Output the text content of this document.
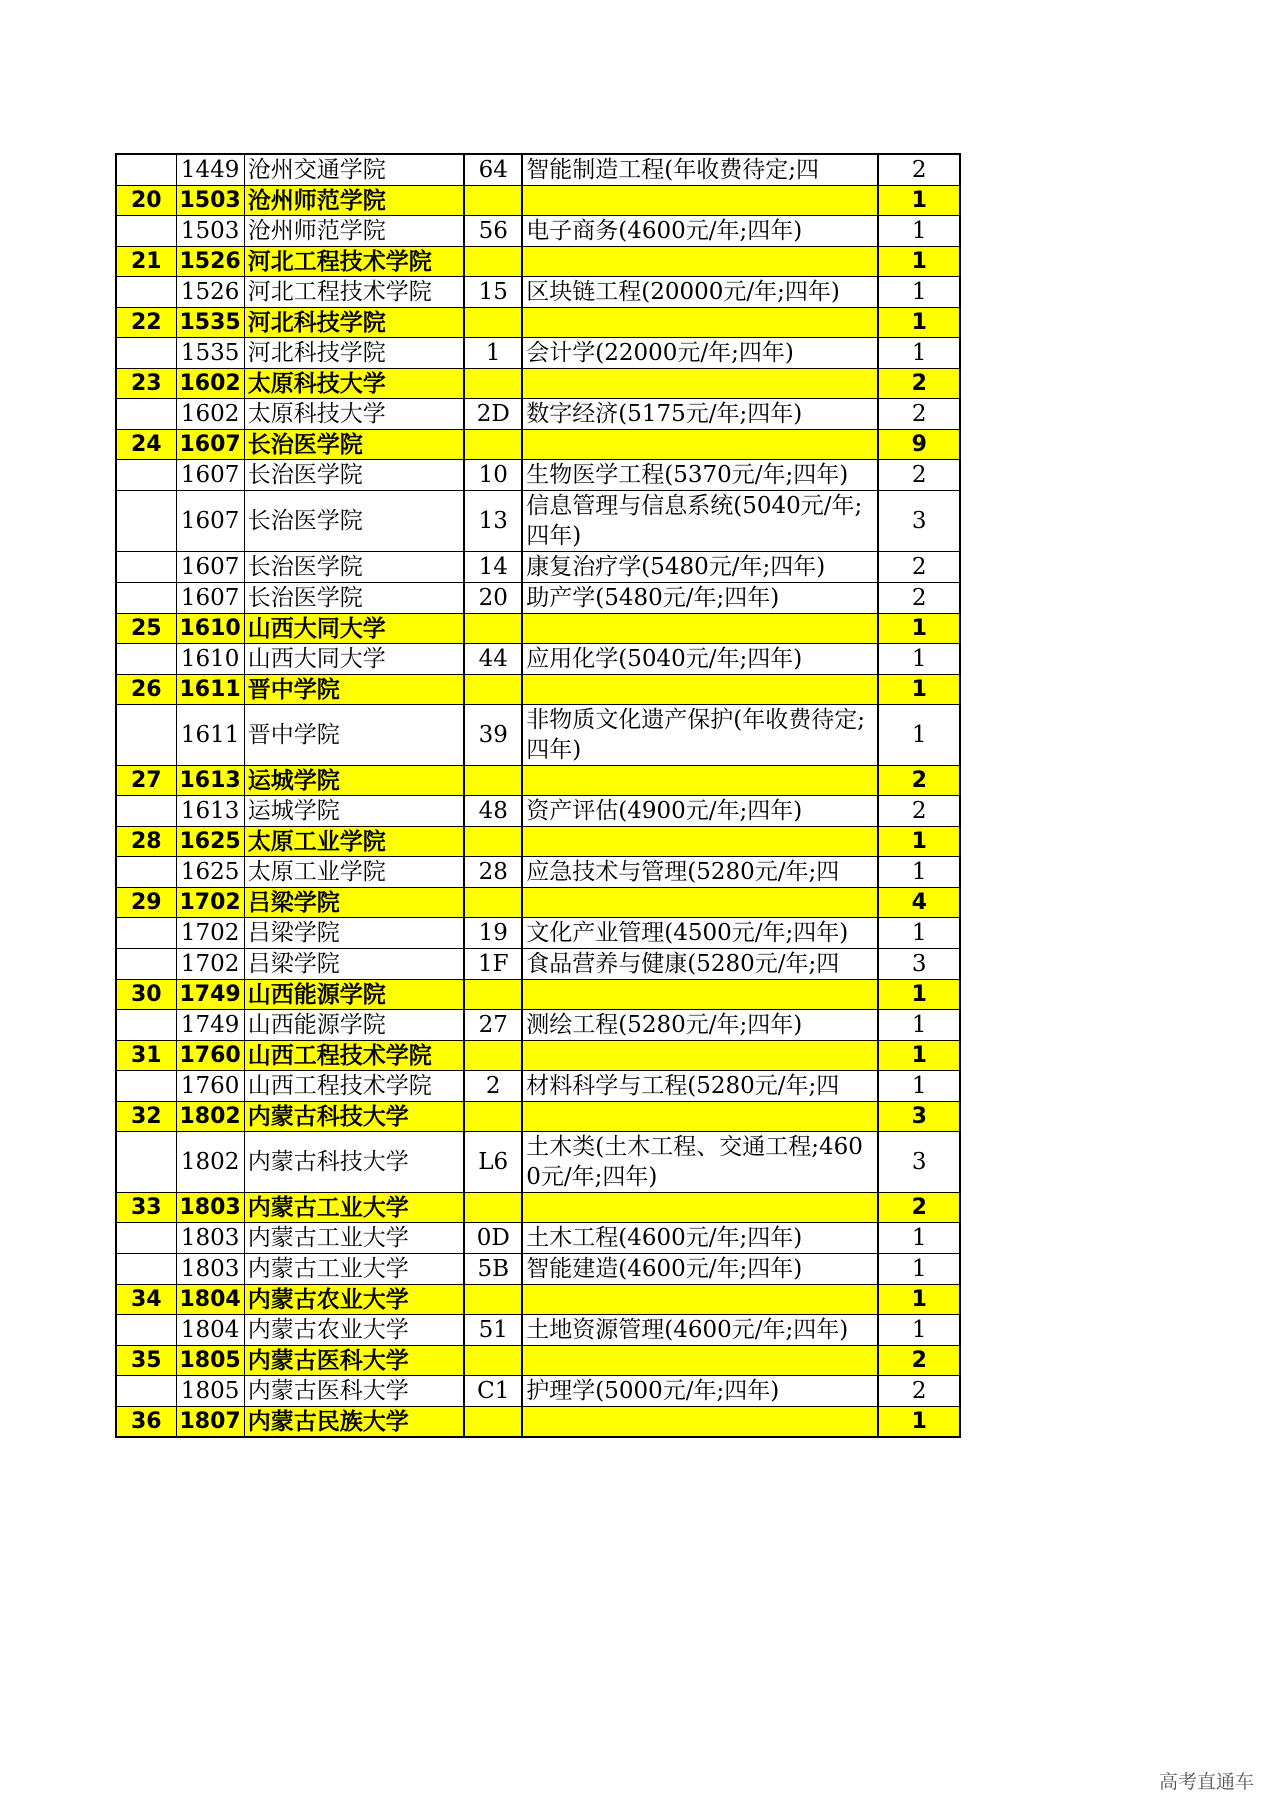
	1449	沧州交通学院	64	智能制造工程(年收费待定;四	2
20	1503	沧州师范学院			1
	1503	沧州师范学院	56	电子商务(4600元/年;四年)	1
21	1526	河北工程技术学院			1
	1526	河北工程技术学院	15	区块链工程(20000元/年;四年)	1
22	1535	河北科技学院			1
	1535	河北科技学院	1	会计学(22000元/年;四年)	1
23	1602	太原科技大学			2
	1602	太原科技大学	2D	数字经济(5175元/年;四年)	2
24	1607	长治医学院			9
	1607	长治医学院	10	生物医学工程(5370元/年;四年)	2
	1607	长治医学院	13	信息管理与信息系统(5040元/年;四年)	3
	1607	长治医学院	14	康复治疗学(5480元/年;四年)	2
	1607	长治医学院	20	助产学(5480元/年;四年)	2
25	1610	山西大同大学			1
	1610	山西大同大学	44	应用化学(5040元/年;四年)	1
26	1611	晋中学院			1
	1611	晋中学院	39	非物质文化遗产保护(年收费待定;四年)	1
27	1613	运城学院			2
	1613	运城学院	48	资产评估(4900元/年;四年)	2
28	1625	太原工业学院			1
	1625	太原工业学院	28	应急技术与管理(5280元/年;四	1
29	1702	吕梁学院			4
	1702	吕梁学院	19	文化产业管理(4500元/年;四年)	1
	1702	吕梁学院	1F	食品营养与健康(5280元/年;四	3
30	1749	山西能源学院			1
	1749	山西能源学院	27	测绘工程(5280元/年;四年)	1
31	1760	山西工程技术学院			1
	1760	山西工程技术学院	2	材料科学与工程(5280元/年;四	1
32	1802	内蒙古科技大学			3
	1802	内蒙古科技大学	L6	土木类(土木工程、交通工程;4600元/年;四年)	3
33	1803	内蒙古工业大学			2
	1803	内蒙古工业大学	0D	土木工程(4600元/年;四年)	1
	1803	内蒙古工业大学	5B	智能建造(4600元/年;四年)	1
34	1804	内蒙古农业大学			1
	1804	内蒙古农业大学	51	土地资源管理(4600元/年;四年)	1
35	1805	内蒙古医科大学			2
	1805	内蒙古医科大学	C1	护理学(5000元/年;四年)	2
36	1807	内蒙古民族大学			1
高考直通车
